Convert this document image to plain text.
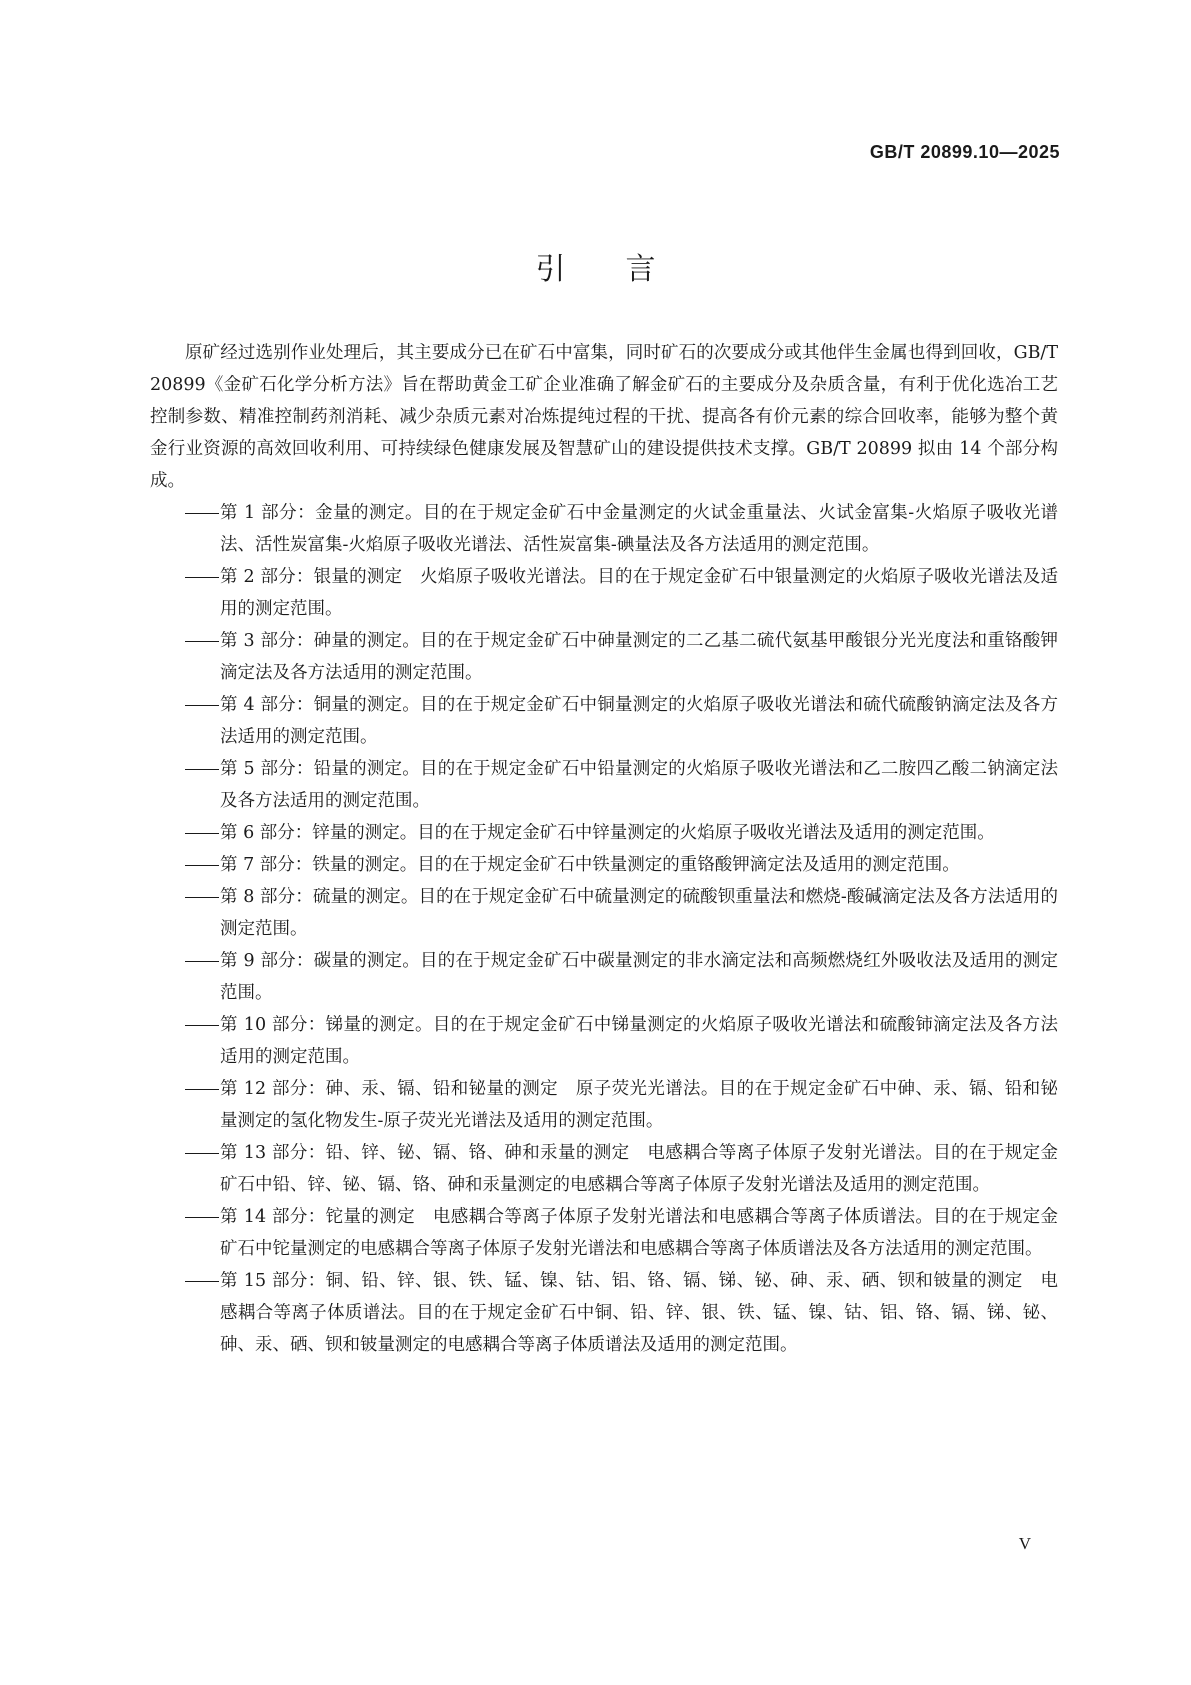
GB/T 20899.10—2025
引言

原矿经过选别作业处理后，其主要成分已在矿石中富集，同时矿石的次要成分或其他伴生金属也得到回收，GB/T 20899《金矿石化学分析方法》旨在帮助黄金工矿企业准确了解金矿石的主要成分及杂质含量，有利于优化选冶工艺控制参数、精准控制药剂消耗、减少杂质元素对冶炼提纯过程的干扰、提高各有价元素的综合回收率，能够为整个黄金行业资源的高效回收利用、可持续绿色健康发展及智慧矿山的建设提供技术支撑。GB/T 20899 拟由 14 个部分构成。

第 1 部分：金量的测定。目的在于规定金矿石中金量测定的火试金重量法、火试金富集-火焰原子吸收光谱法、活性炭富集-火焰原子吸收光谱法、活性炭富集-碘量法及各方法适用的测定范围。
第 2 部分：银量的测定　火焰原子吸收光谱法。目的在于规定金矿石中银量测定的火焰原子吸收光谱法及适用的测定范围。
第 3 部分：砷量的测定。目的在于规定金矿石中砷量测定的二乙基二硫代氨基甲酸银分光光度法和重铬酸钾滴定法及各方法适用的测定范围。
第 4 部分：铜量的测定。目的在于规定金矿石中铜量测定的火焰原子吸收光谱法和硫代硫酸钠滴定法及各方法适用的测定范围。
第 5 部分：铅量的测定。目的在于规定金矿石中铅量测定的火焰原子吸收光谱法和乙二胺四乙酸二钠滴定法及各方法适用的测定范围。
第 6 部分：锌量的测定。目的在于规定金矿石中锌量测定的火焰原子吸收光谱法及适用的测定范围。
第 7 部分：铁量的测定。目的在于规定金矿石中铁量测定的重铬酸钾滴定法及适用的测定范围。
第 8 部分：硫量的测定。目的在于规定金矿石中硫量测定的硫酸钡重量法和燃烧-酸碱滴定法及各方法适用的测定范围。
第 9 部分：碳量的测定。目的在于规定金矿石中碳量测定的非水滴定法和高频燃烧红外吸收法及适用的测定范围。
第 10 部分：锑量的测定。目的在于规定金矿石中锑量测定的火焰原子吸收光谱法和硫酸铈滴定法及各方法适用的测定范围。
第 12 部分：砷、汞、镉、铅和铋量的测定　原子荧光光谱法。目的在于规定金矿石中砷、汞、镉、铅和铋量测定的氢化物发生-原子荧光光谱法及适用的测定范围。
第 13 部分：铅、锌、铋、镉、铬、砷和汞量的测定　电感耦合等离子体原子发射光谱法。目的在于规定金矿石中铅、锌、铋、镉、铬、砷和汞量测定的电感耦合等离子体原子发射光谱法及适用的测定范围。
第 14 部分：铊量的测定　电感耦合等离子体原子发射光谱法和电感耦合等离子体质谱法。目的在于规定金矿石中铊量测定的电感耦合等离子体原子发射光谱法和电感耦合等离子体质谱法及各方法适用的测定范围。
第 15 部分：铜、铅、锌、银、铁、锰、镍、钴、铝、铬、镉、锑、铋、砷、汞、硒、钡和铍量的测定　电感耦合等离子体质谱法。目的在于规定金矿石中铜、铅、锌、银、铁、锰、镍、钴、铝、铬、镉、锑、铋、砷、汞、硒、钡和铍量测定的电感耦合等离子体质谱法及适用的测定范围。
V
